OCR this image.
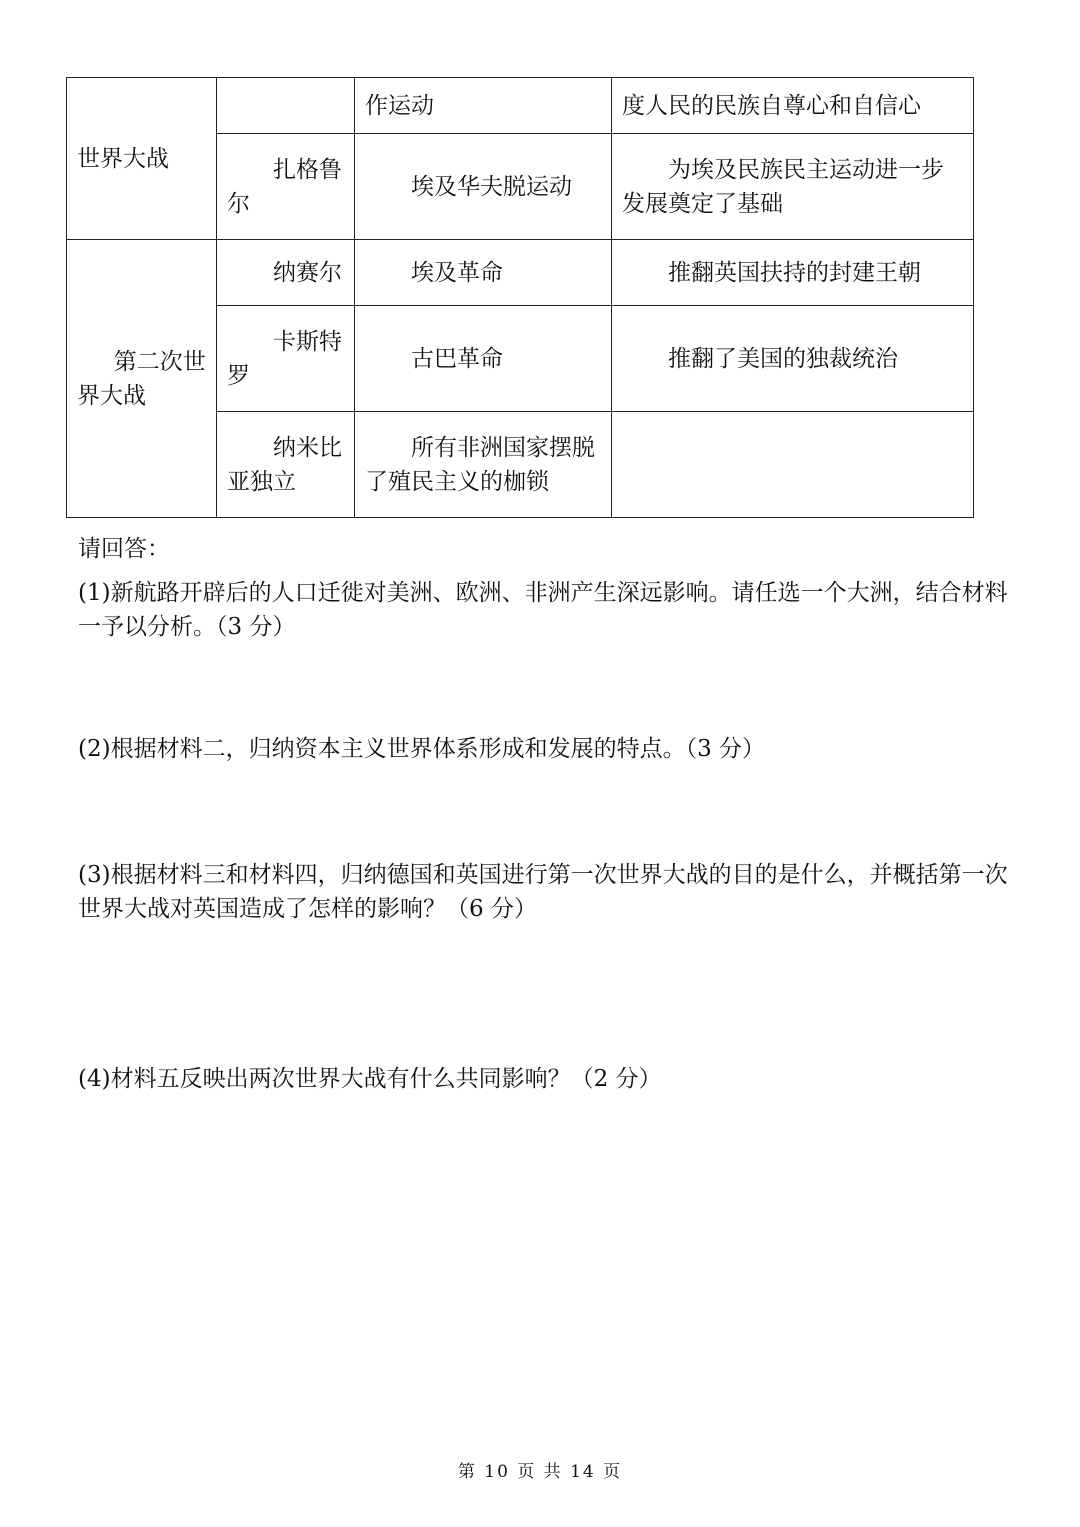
世界大战		作运动	度人民的民族自尊心和自信心
	扎格鲁尔	埃及华夫脱运动	为埃及民族民主运动进一步发展奠定了基础
第二次世界大战	纳赛尔	埃及革命	推翻英国扶持的封建王朝
	卡斯特罗	古巴革命	推翻了美国的独裁统治
	纳米比亚独立	所有非洲国家摆脱了殖民主义的枷锁	

请回答：

(1)新航路开辟后的人口迁徙对美洲、欧洲、非洲产生深远影响。请任选一个大洲，结合材料一予以分析。（3 分）

(2)根据材料二，归纳资本主义世界体系形成和发展的特点。（3 分）

(3)根据材料三和材料四，归纳德国和英国进行第一次世界大战的目的是什么，并概括第一次世界大战对英国造成了怎样的影响？（6 分）

(4)材料五反映出两次世界大战有什么共同影响？（2 分）

第 10 页 共 14 页
